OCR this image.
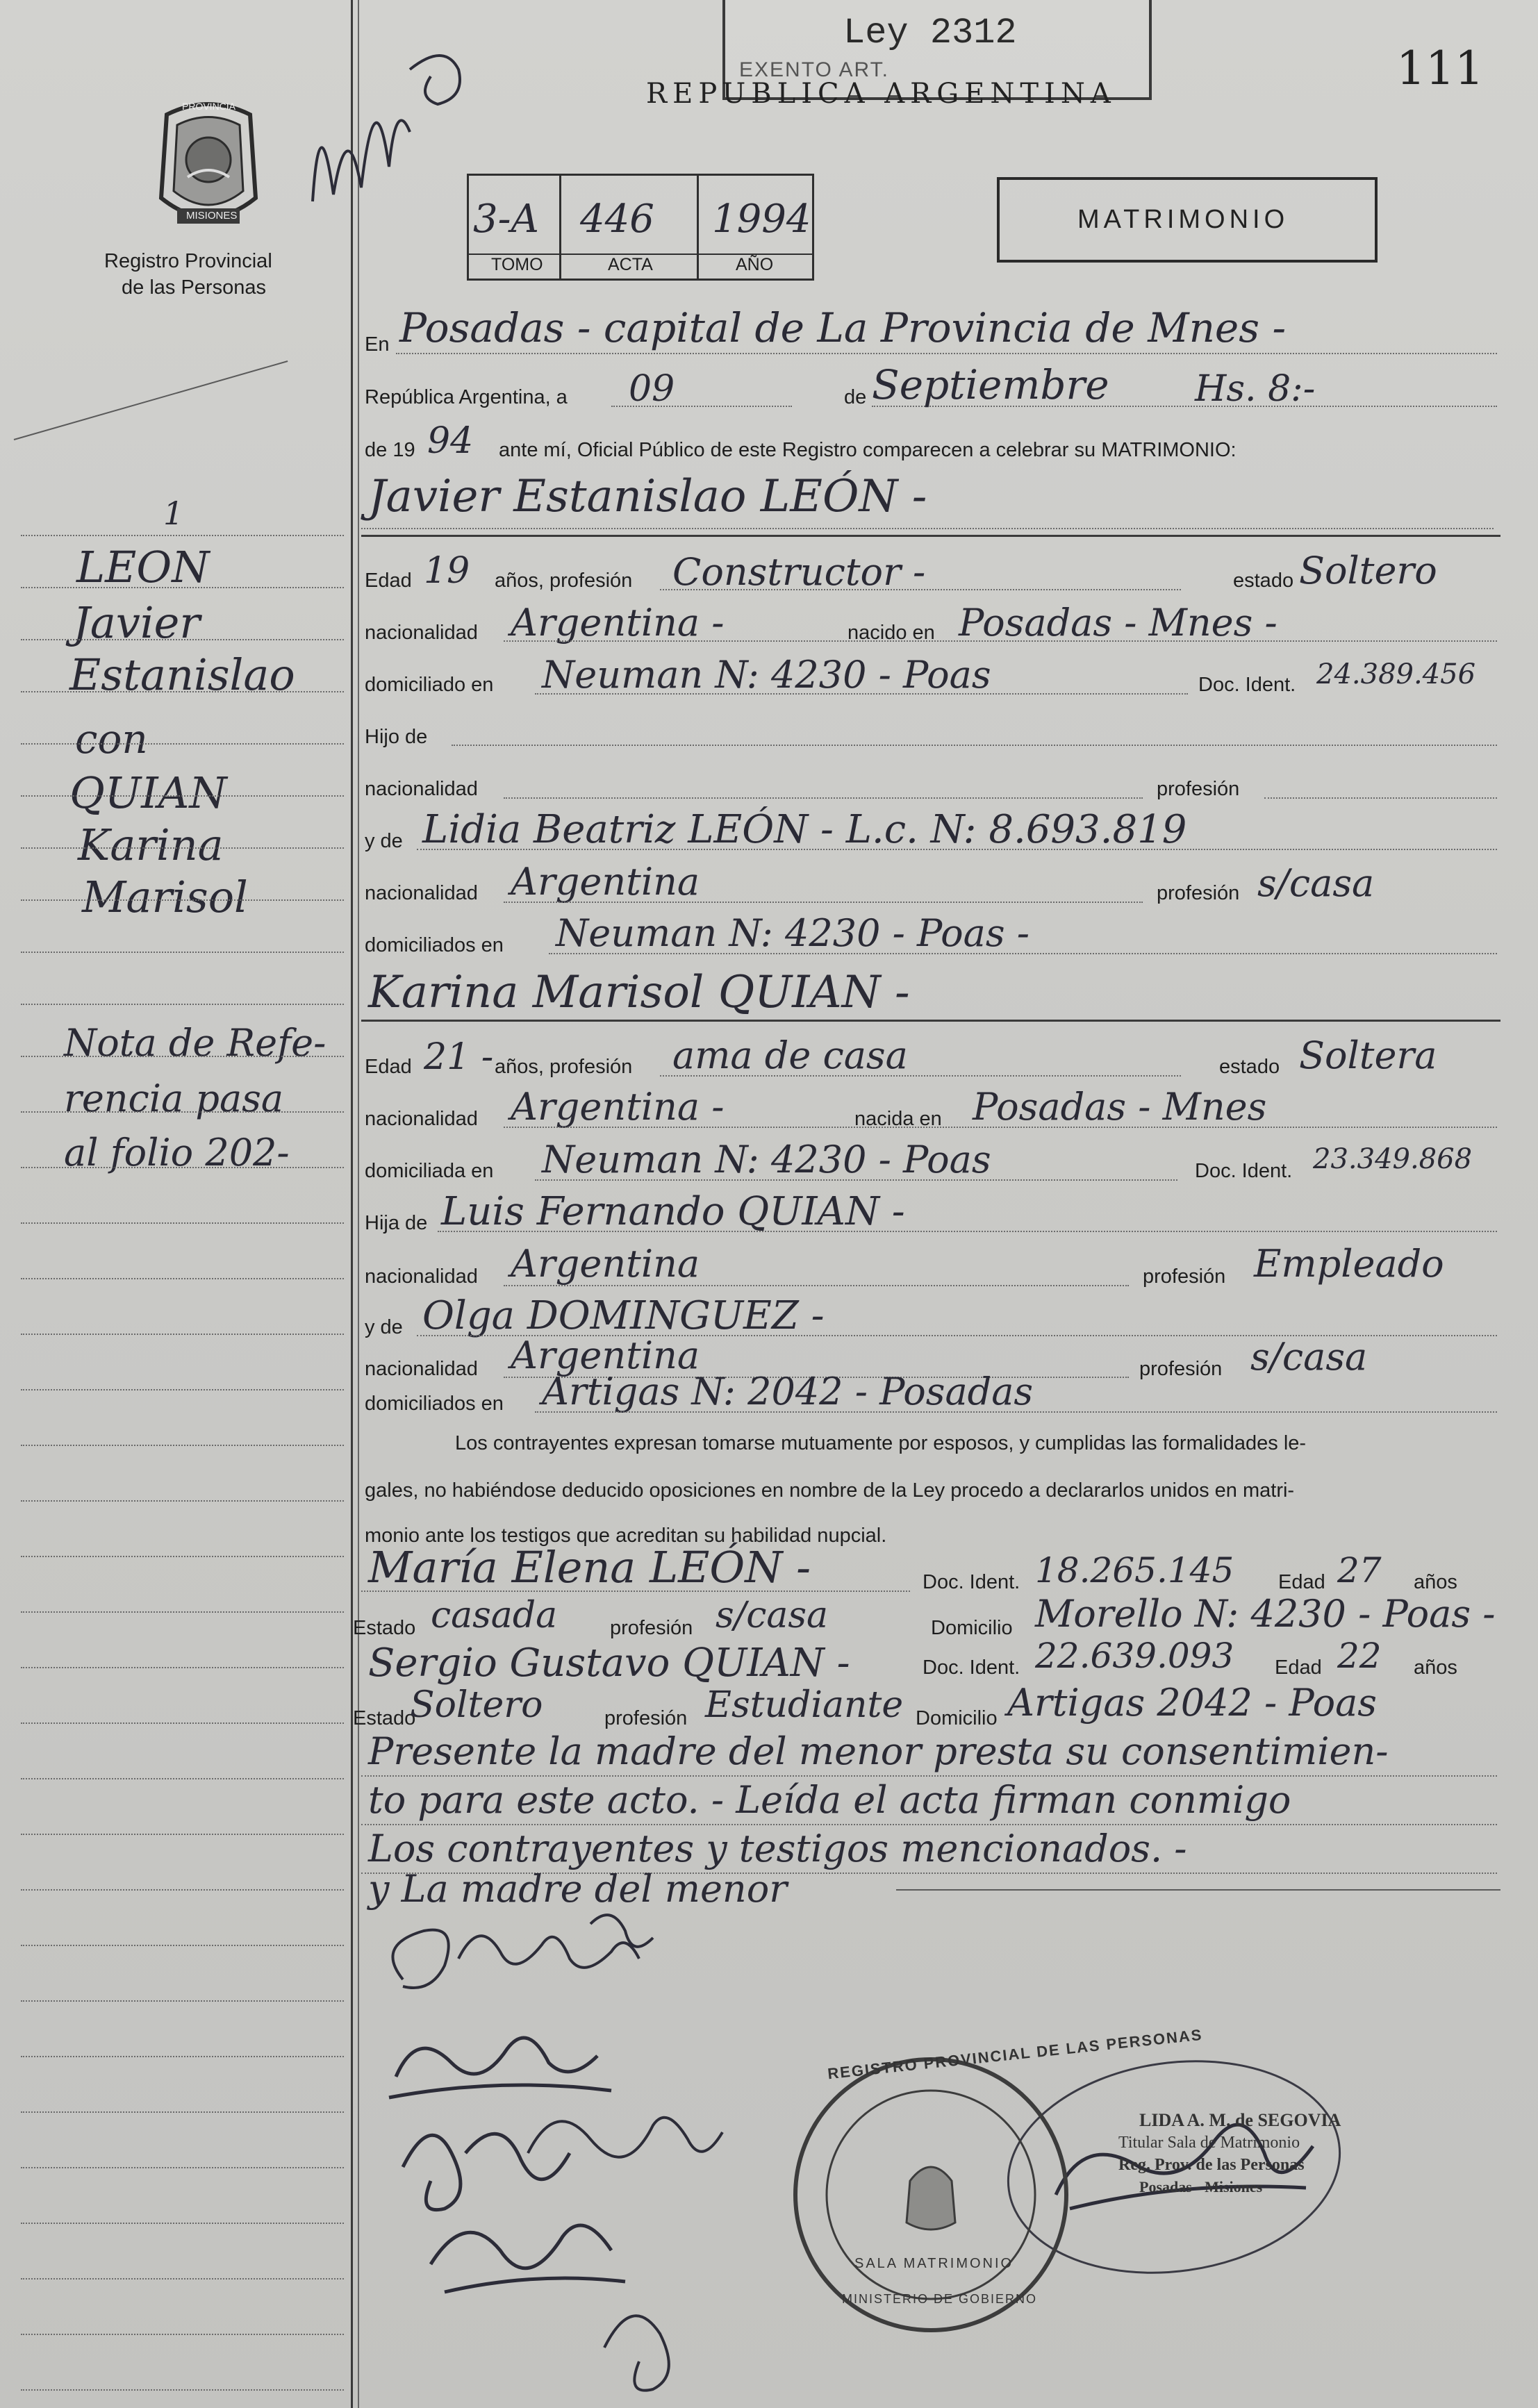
Ley 2312
EXENTO ART.
REPUBLICA ARGENTINA	111
PROVINCIA
MISIONES
Registro Provincial
de las Personas
3-A 446 1994
TOMO	ACTA	AÑO
MATRIMONIO
1
LEON
Javier
Estanislao
con
QUIAN
Karina
Marisol
Nota de Refe-
rencia pasa
al folio 202-
En Posadas - capital de La Provincia de Mnes -
República Argentina, a 09	de Septiembre Hs. 8:-
de 19 94 ante mí, Oficial Público de este Registro comparecen a celebrar su MATRIMONIO:
Javier Estanislao LEÓN -
Edad 19 años, profesión Constructor -	estado Soltero
nacionalidad Argentina -	nacido en Posadas - Mnes -
domiciliado en Neuman N: 4230 - Poas	Doc. Ident. 24.389.456
Hijo de
nacionalidad	profesión
y de Lidia Beatriz LEÓN - L.c. N: 8.693.819
nacionalidad Argentina	profesión s/casa
domiciliados en Neuman N: 4230 - Poas -
Karina Marisol QUIAN -
Edad 21 - años, profesión ama de casa	estado Soltera
nacionalidad Argentina -	nacida en Posadas - Mnes
domiciliada en Neuman N: 4230 - Poas	Doc. Ident. 23.349.868
Hija de Luis Fernando QUIAN -
nacionalidad Argentina	profesión Empleado
y de Olga DOMINGUEZ -
nacionalidad Argentina	profesión s/casa
domiciliados en Artigas N: 2042 - Posadas
Los contrayentes expresan tomarse mutuamente por esposos, y cumplidas las formalidades le-
gales, no habiéndose deducido oposiciones en nombre de la Ley procedo a declararlos unidos en matri-
monio ante los testigos que acreditan su habilidad nupcial.
María Elena LEÓN -	Doc. Ident. 18.265.145 Edad 27 años
Estado casada	profesión s/casa	Domicilio Morello N: 4230 - Poas -
Sergio Gustavo QUIAN -	Doc. Ident. 22.639.093 Edad 22 años
Estado
Soltero	profesión Estudiante Domicilio Artigas 2042 - Poas
Presente la madre del menor presta su consentimien-
to para este acto. - Leída el acta firman conmigo
Los contrayentes y testigos mencionados. -
y La madre del menor
REGISTRO PROVINCIAL DE LAS PERSONAS
SALA MATRIMONIO
MINISTERIO DE GOBIERNO
LIDA A. M. de SEGOVIA
Titular Sala de Matrimonio
Reg. Prov. de las Personas
Posadas - Misiones
